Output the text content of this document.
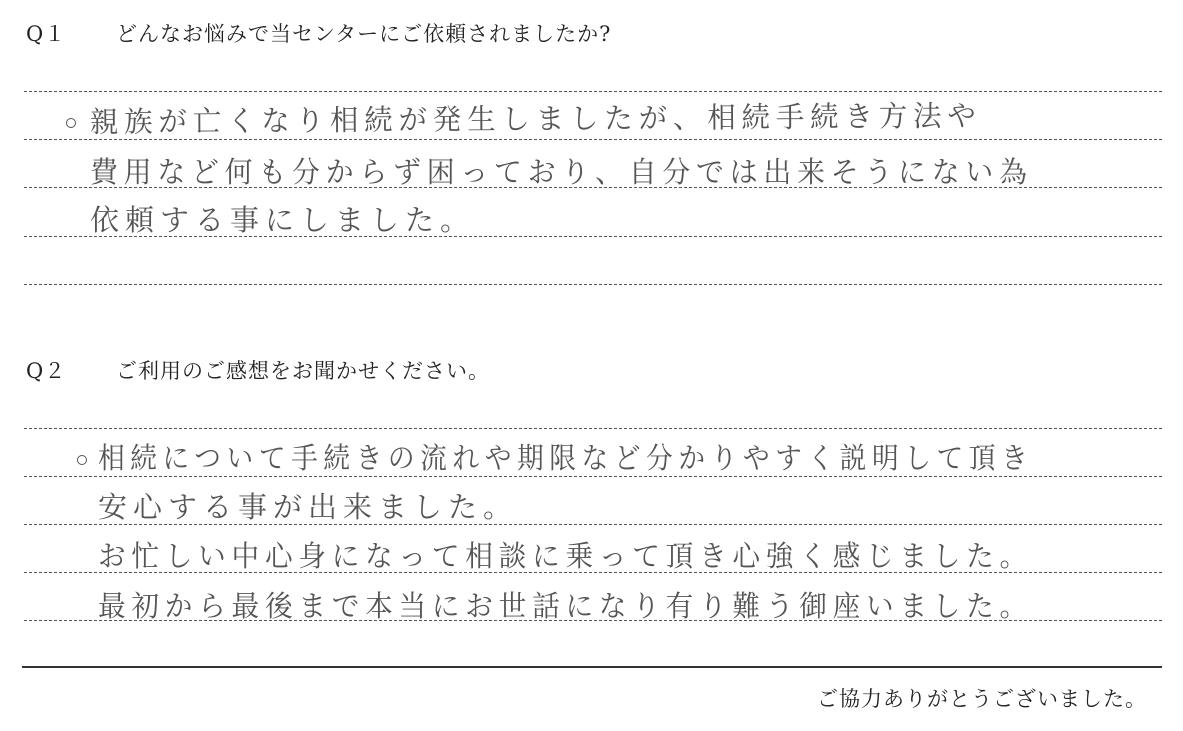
Q１ どんなお悩みで当センターにご依頼されましたか?
親族が亡くなり相続が発生しましたが、相続手続き方法や
費用など何も分からず困っており、自分では出来そうにない為
依頼する事にしました。
Q２ ご利用のご感想をお聞かせください。
相続について手続きの流れや期限など分かりやすく説明して頂き
安心する事が出来ました。
お忙しい中心身になって相談に乗って頂き心強く感じました。
最初から最後まで本当にお世話になり有り難う御座いました。
ご協力ありがとうございました。
